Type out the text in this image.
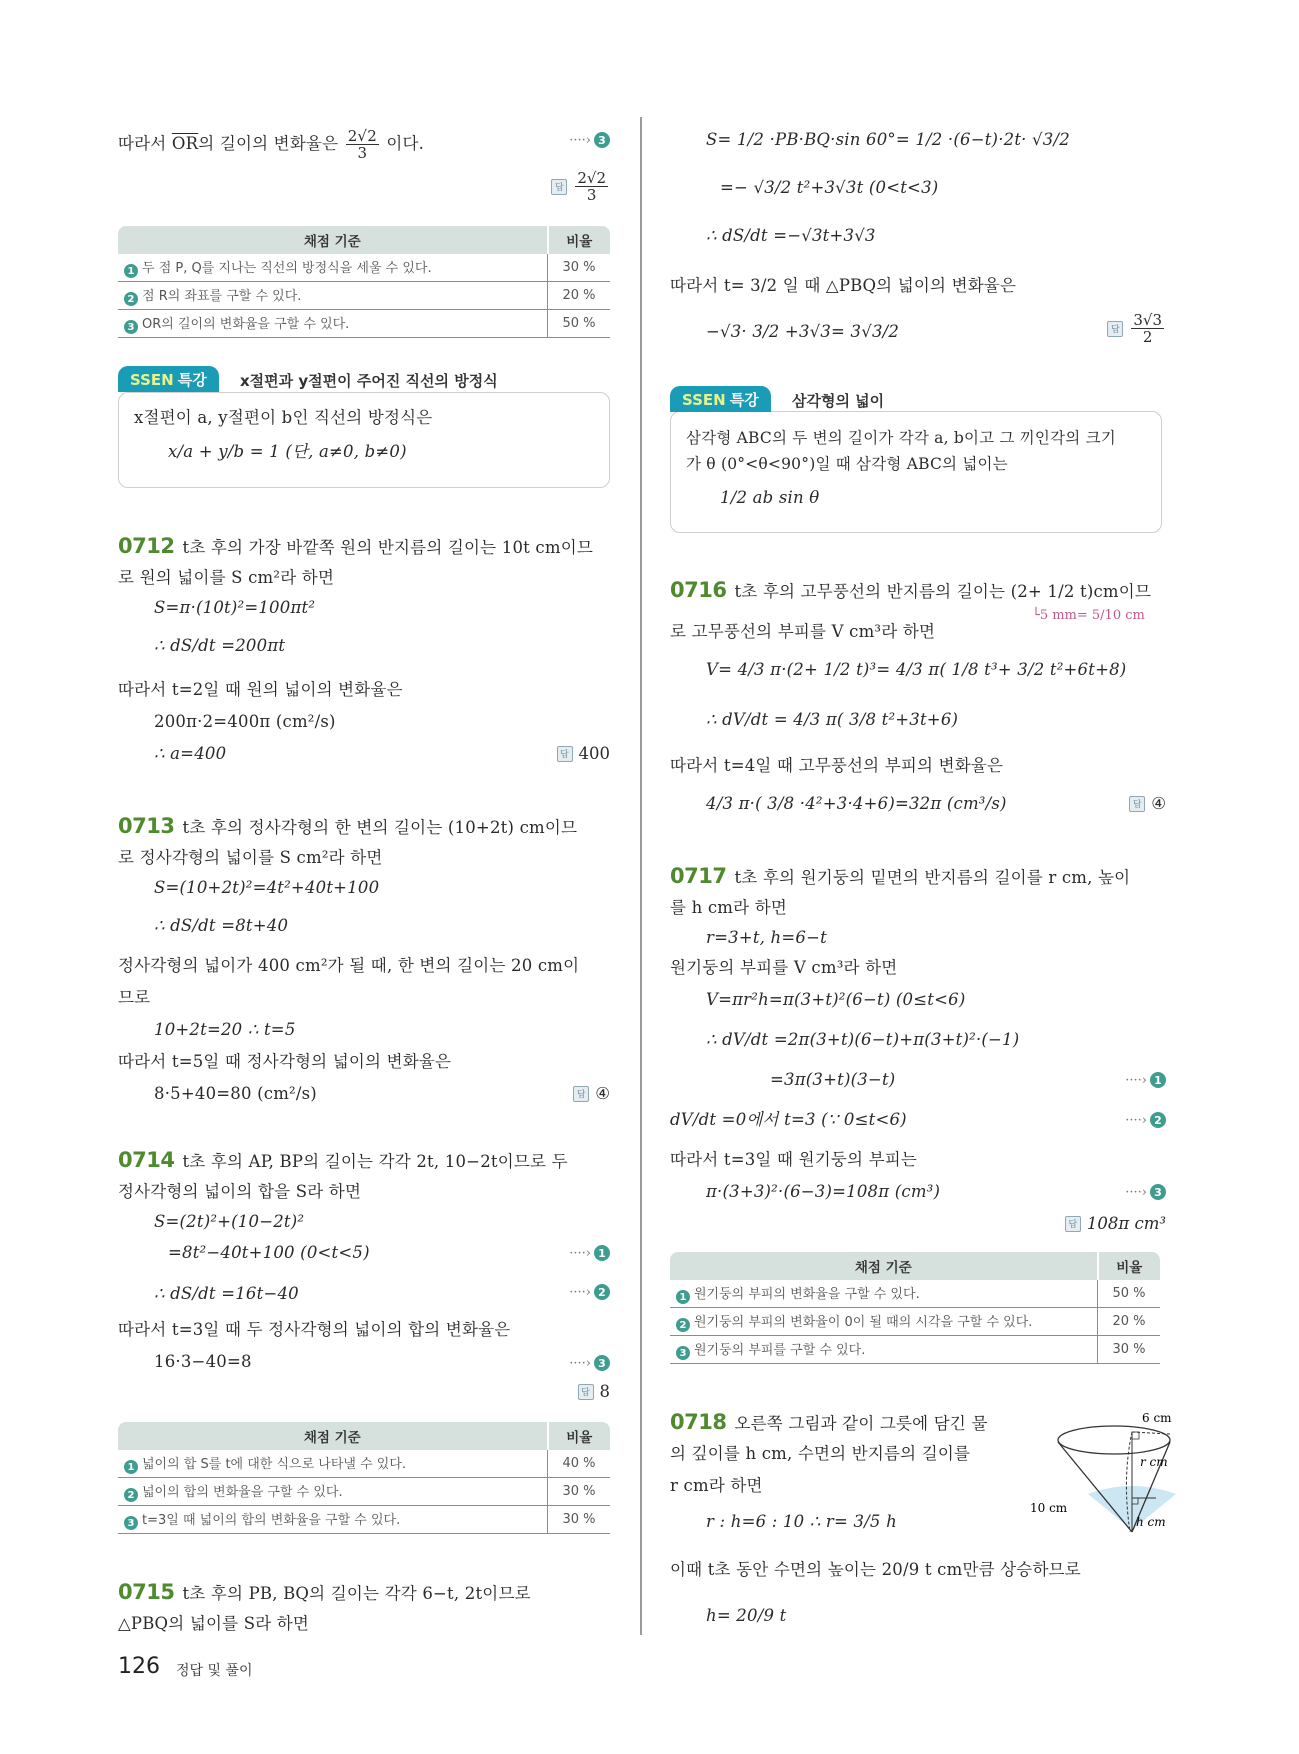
따라서 $\overline{OR}$의 길이의 변화율은 $\frac{2√2}{3}$ 이다.	····› 3
답 $\frac{2√2}{3}$
채점 기준	비율
1 두 점 P, Q를 지나는 직선의 방정식을 세울 수 있다.	30 %
2 점 R의 좌표를 구할 수 있다.	20 %
3 OR의 길이의 변화율을 구할 수 있다.	50 %
SSEN 특강	x절편과 y절편이 주어진 직선의 방정식
x절편이 a, y절편이 b인 직선의 방정식은
x/a + y/b = 1 (단, a≠0, b≠0)
0712 t초 후의 가장 바깥쪽 원의 반지름의 길이는 10t cm이므
로 원의 넓이를 S cm²라 하면
S=π·(10t)²=100πt²
∴ dS/dt =200πt
따라서 t=2일 때 원의 넓이의 변화율은
200π·2=400π (cm²/s)
∴ a=400	답 400
0713 t초 후의 정사각형의 한 변의 길이는 (10+2t) cm이므
로 정사각형의 넓이를 S cm²라 하면
S=(10+2t)²=4t²+40t+100
∴ dS/dt =8t+40
정사각형의 넓이가 400 cm²가 될 때, 한 변의 길이는 20 cm이
므로
10+2t=20 ∴ t=5
따라서 t=5일 때 정사각형의 넓이의 변화율은
8·5+40=80 (cm²/s)	답 ④
0714 t초 후의 AP, BP의 길이는 각각 2t, 10−2t이므로 두
정사각형의 넓이의 합을 S라 하면
S=(2t)²+(10−2t)²
=8t²−40t+100 (0<t<5)	····› 1
∴ dS/dt =16t−40	····› 2
따라서 t=3일 때 두 정사각형의 넓이의 합의 변화율은
16·3−40=8	····› 3
답 8
채점 기준	비율
1 넓이의 합 S를 t에 대한 식으로 나타낼 수 있다.	40 %
2 넓이의 합의 변화율을 구할 수 있다.	30 %
3 t=3일 때 넓이의 합의 변화율을 구할 수 있다.	30 %
0715 t초 후의 PB, BQ의 길이는 각각 6−t, 2t이므로
△PBQ의 넓이를 S라 하면
126 정답 및 풀이
S= 1/2 ·PB·BQ·sin 60°= 1/2 ·(6−t)·2t· √3/2
=− √3/2 t²+3√3t (0<t<3)
∴ dS/dt =−√3t+3√3
따라서 t= 3/2 일 때 △PBQ의 넓이의 변화율은
−√3· 3/2 +3√3= 3√3/2	답 $\frac{3√3}{2}$
SSEN 특강	삼각형의 넓이
삼각형 ABC의 두 변의 길이가 각각 a, b이고 그 끼인각의 크기
가 θ (0°<θ<90°)일 때 삼각형 ABC의 넓이는
1/2 ab sin θ
0716 t초 후의 고무풍선의 반지름의 길이는 (2+ 1/2 t)cm이므
└5 mm= 5/10 cm
로 고무풍선의 부피를 V cm³라 하면
V= 4/3 π·(2+ 1/2 t)³= 4/3 π( 1/8 t³+ 3/2 t²+6t+8)
∴ dV/dt = 4/3 π( 3/8 t²+3t+6)
따라서 t=4일 때 고무풍선의 부피의 변화율은
4/3 π·( 3/8 ·4²+3·4+6)=32π (cm³/s)	답 ④
0717 t초 후의 원기둥의 밑면의 반지름의 길이를 r cm, 높이
를 h cm라 하면
r=3+t, h=6−t
원기둥의 부피를 V cm³라 하면
V=πr²h=π(3+t)²(6−t) (0≤t<6)
∴ dV/dt =2π(3+t)(6−t)+π(3+t)²·(−1)
=3π(3+t)(3−t)	····› 1
dV/dt =0에서 t=3 (∵ 0≤t<6)	····› 2
따라서 t=3일 때 원기둥의 부피는
π·(3+3)²·(6−3)=108π (cm³)	····› 3
답 108π cm³
채점 기준	비율
1 원기둥의 부피의 변화율을 구할 수 있다.	50 %
2 원기둥의 부피의 변화율이 0이 될 때의 시각을 구할 수 있다.	20 %
3 원기둥의 부피를 구할 수 있다.	30 %
0718 오른쪽 그림과 같이 그릇에 담긴 물
의 깊이를 h cm, 수면의 반지름의 길이를
r cm라 하면
r : h=6 : 10 ∴ r= 3/5 h
이때 t초 동안 수면의 높이는 20/9 t cm만큼 상승하므로
h= 20/9 t
6 cm
r cm
10 cm
h cm
